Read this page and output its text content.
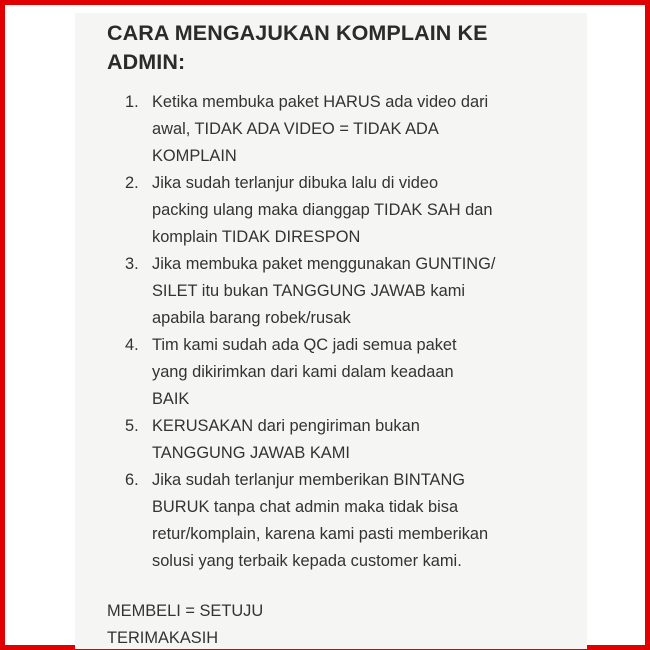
CARA MENGAJUKAN KOMPLAIN KE ADMIN:
1. Ketika membuka paket HARUS ada video dari
awal, TIDAK ADA VIDEO = TIDAK ADA
KOMPLAIN
2. Jika sudah terlanjur dibuka lalu di video
packing ulang maka dianggap TIDAK SAH dan
komplain TIDAK DIRESPON
3. Jika membuka paket menggunakan GUNTING/
SILET itu bukan TANGGUNG JAWAB kami
apabila barang robek/rusak
4. Tim kami sudah ada QC jadi semua paket
yang dikirimkan dari kami dalam keadaan
BAIK
5. KERUSAKAN dari pengiriman bukan
TANGGUNG JAWAB KAMI
6. Jika sudah terlanjur memberikan BINTANG
BURUK tanpa chat admin maka tidak bisa
retur/komplain, karena kami pasti memberikan
solusi yang terbaik kepada customer kami.

MEMBELI = SETUJU

TERIMAKASIH
